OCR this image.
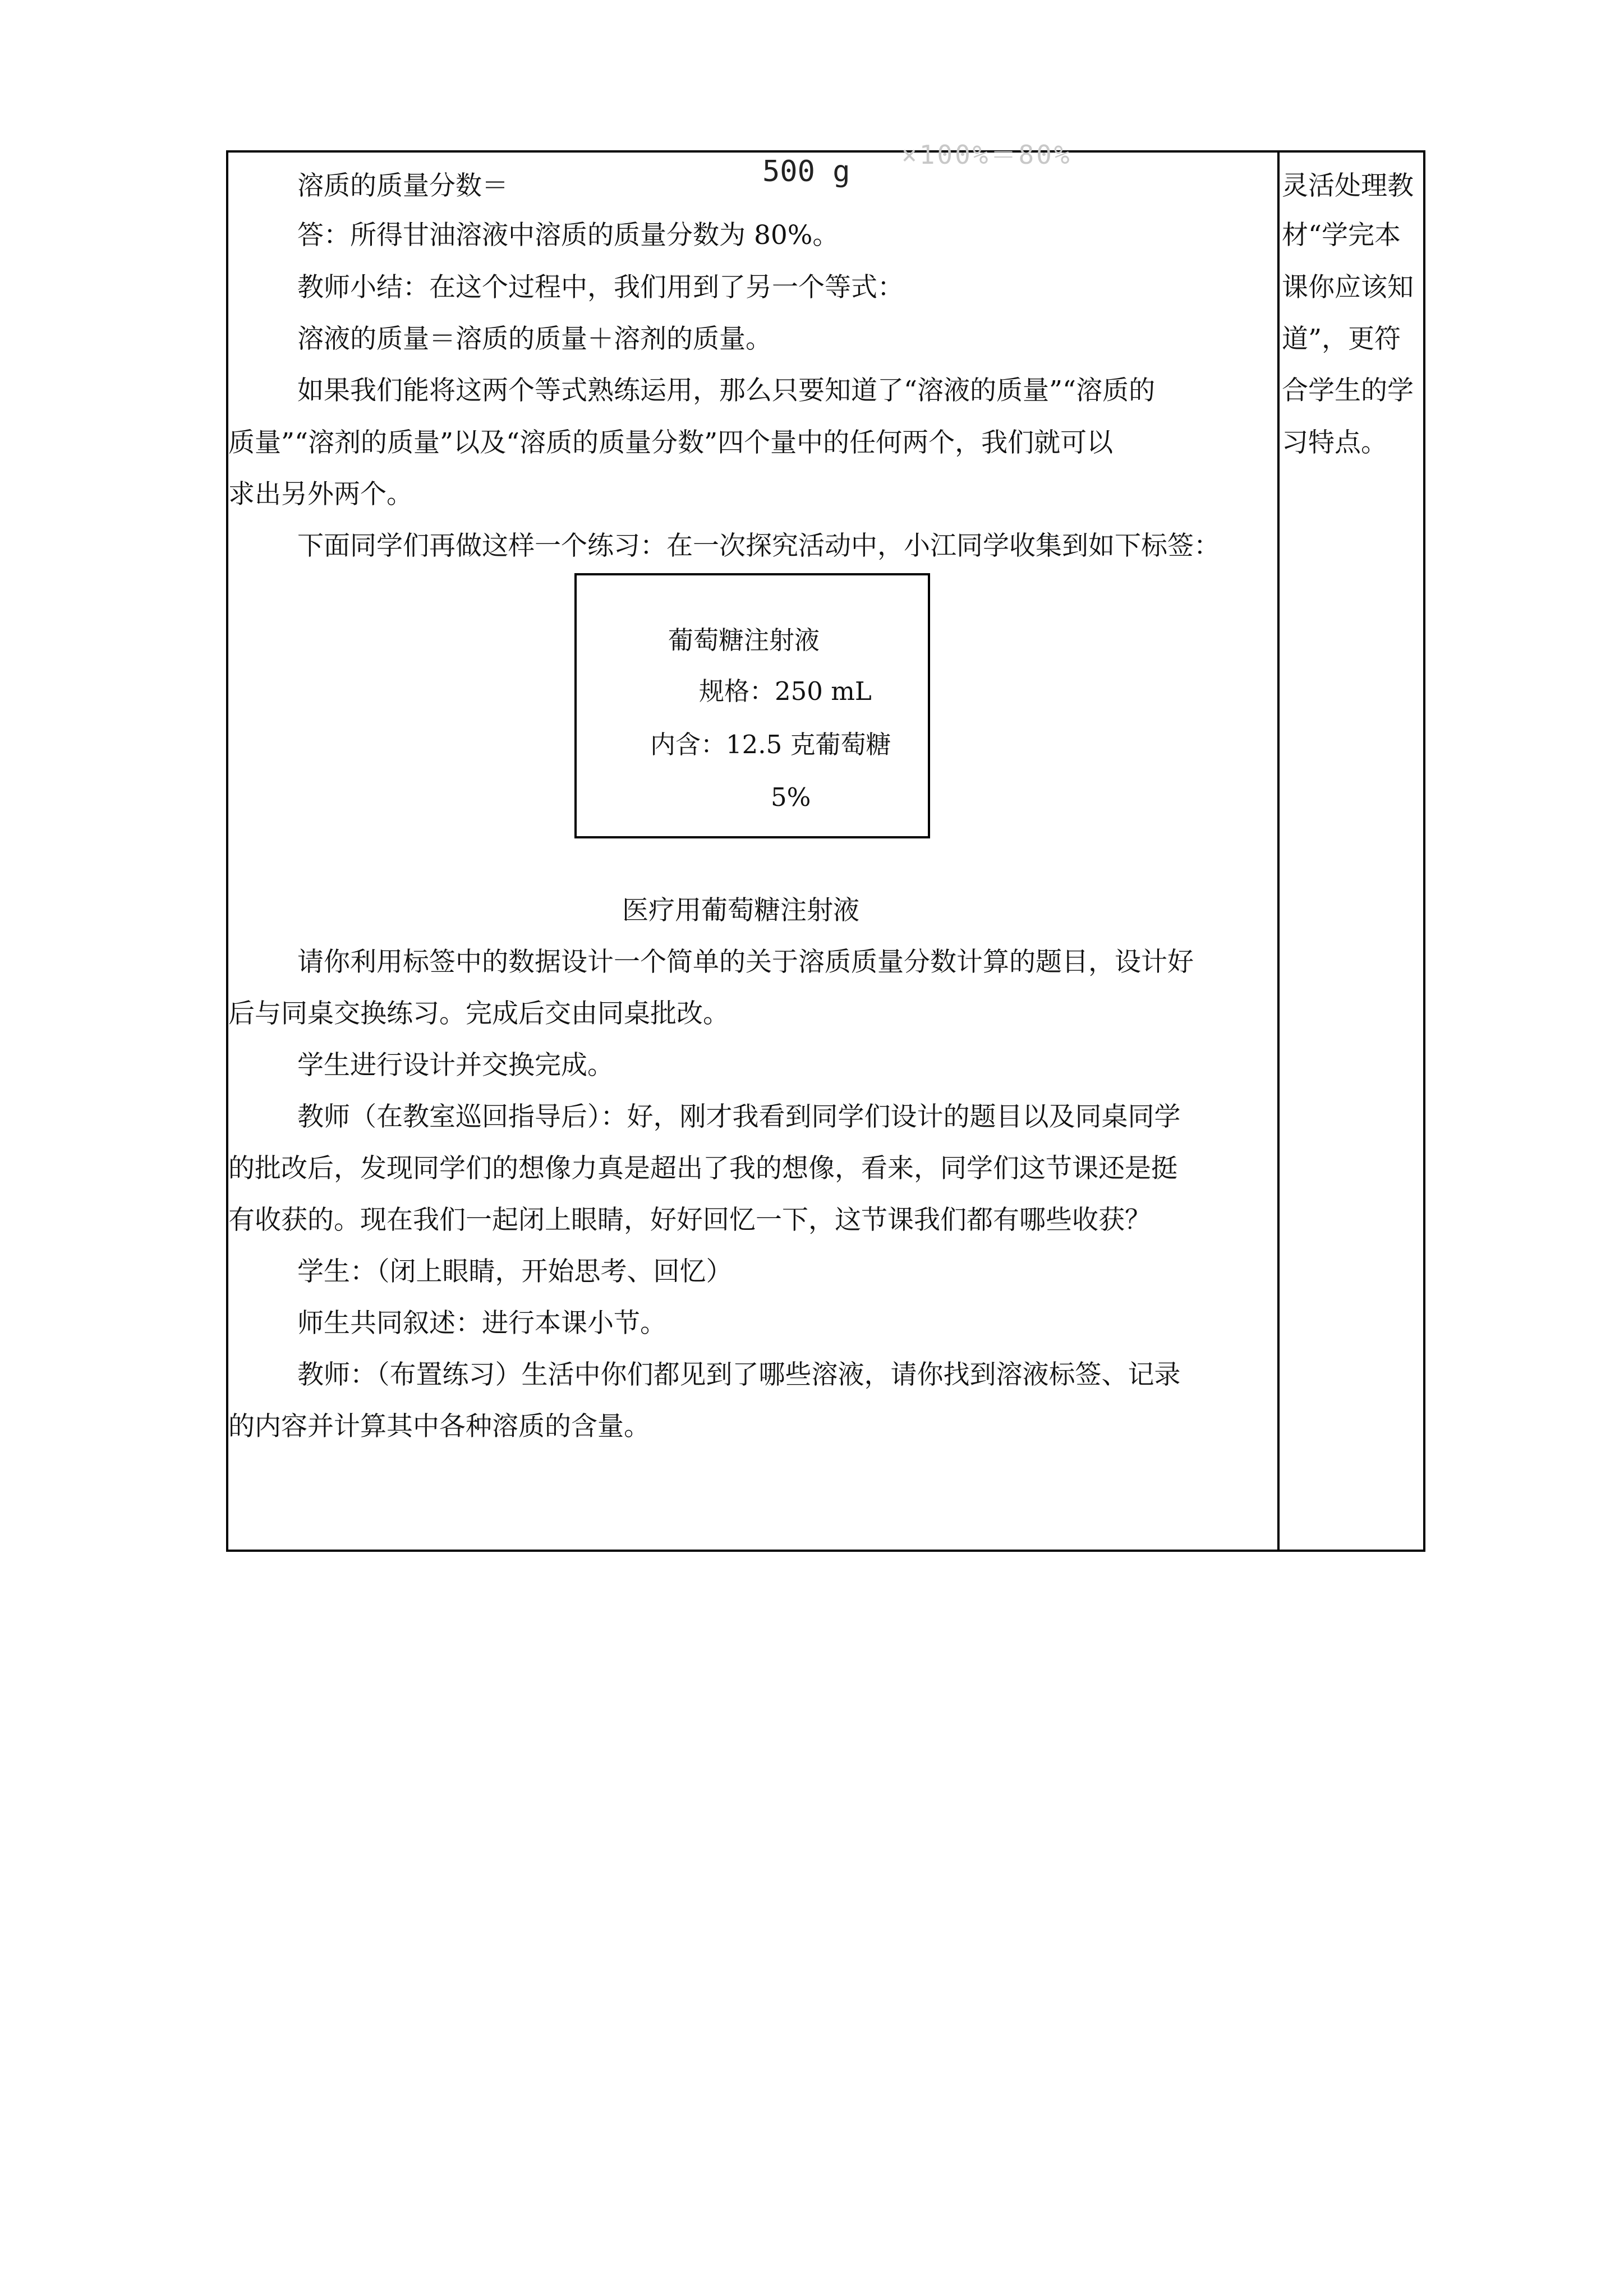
溶质的质量分数＝	500 g ×100%＝80%
答：所得甘油溶液中溶质的质量分数为 80%。
教师小结：在这个过程中，我们用到了另一个等式：
溶液的质量＝溶质的质量＋溶剂的质量。
如果我们能将这两个等式熟练运用，那么只要知道了“溶液的质量”“溶质的
质量”“溶剂的质量”以及“溶质的质量分数”四个量中的任何两个，我们就可以
求出另外两个。
下面同学们再做这样一个练习：在一次探究活动中，小江同学收集到如下标签：
葡萄糖注射液
规格：250 mL
内含：12.5 克葡萄糖
5%
医疗用葡萄糖注射液
请你利用标签中的数据设计一个简单的关于溶质质量分数计算的题目，设计好
后与同桌交换练习。完成后交由同桌批改。
学生进行设计并交换完成。
教师（在教室巡回指导后）：好，刚才我看到同学们设计的题目以及同桌同学
的批改后，发现同学们的想像力真是超出了我的想像，看来，同学们这节课还是挺
有收获的。现在我们一起闭上眼睛，好好回忆一下，这节课我们都有哪些收获？
学生：（闭上眼睛，开始思考、回忆）
师生共同叙述：进行本课小节。
教师：（布置练习）生活中你们都见到了哪些溶液，请你找到溶液标签、记录
的内容并计算其中各种溶质的含量。
灵活处理教
材“学完本
课你应该知
道”，更符
合学生的学
习特点。
